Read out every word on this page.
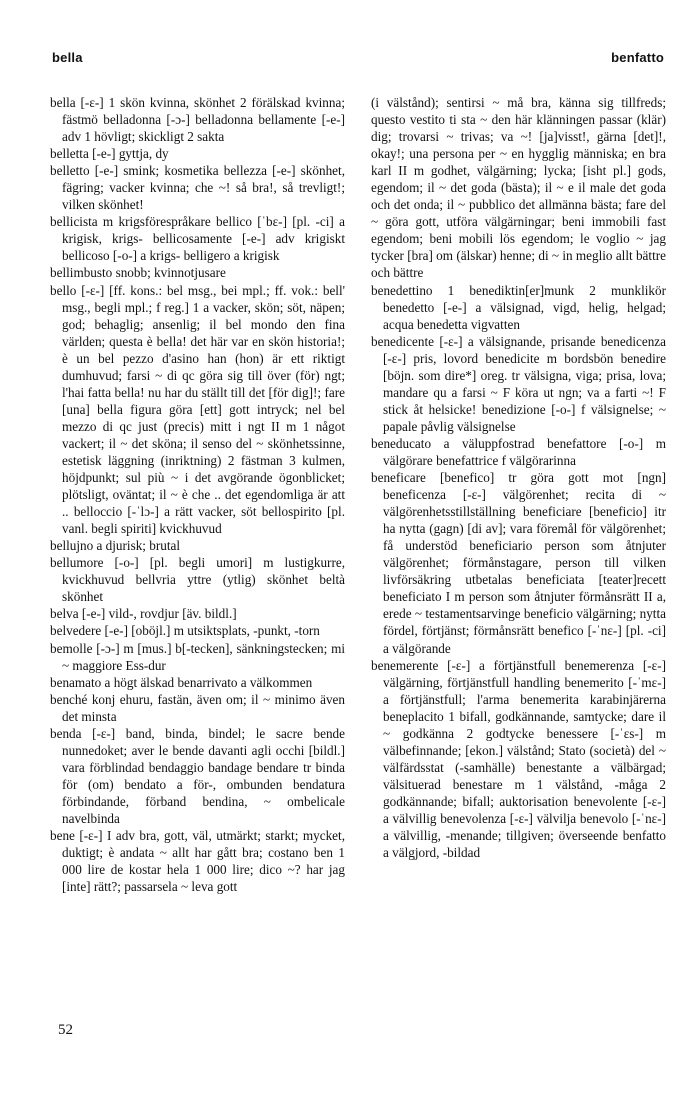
bella	benfatto

bella [-ɛ-] 1 skön kvinna, skönhet 2 förälskad kvinna; fästmö belladonna [-ɔ-] belladonna bellamente [-e-] adv 1 hövligt; skickligt 2 sakta

belletta [-e-] gyttja, dy

belletto [-e-] smink; kosmetika bellezza [-e-] skönhet, fägring; vacker kvinna; che ~! så bra!, så trevligt!; vilken skönhet!

bellicista m krigsförespråkare bellico [ˈbɛ-] [pl. -ci] a krigisk, krigs- bellicosamente [-e-] adv krigiskt bellicoso [-o-] a krigs- belligero a krigisk

bellimbusto snobb; kvinnotjusare

bello [-ɛ-] [ff. kons.: bel msg., bei mpl.; ff. vok.: bell' msg., begli mpl.; f reg.] 1 a vacker, skön; söt, näpen; god; behaglig; ansenlig; il bel mondo den fina världen; questa è bella! det här var en skön historia!; è un bel pezzo d'asino han (hon) är ett riktigt dumhuvud; farsi ~ di qc göra sig till över (för) ngt; l'hai fatta bella! nu har du ställt till det [för dig]!; fare [una] bella figura göra [ett] gott intryck; nel bel mezzo di qc just (precis) mitt i ngt II m 1 något vackert; il ~ det sköna; il senso del ~ skönhetssinne, estetisk läggning (inriktning) 2 fästman 3 kulmen, höjdpunkt; sul più ~ i det avgörande ögonblicket; plötsligt, oväntat; il ~ è che .. det egendomliga är att .. belloccio [-ˈlɔ-] a rätt vacker, söt bellospirito [pl. vanl. begli spiriti] kvickhuvud

bellujno a djurisk; brutal

bellumore [-o-] [pl. begli umori] m lustigkurre, kvickhuvud bellvria yttre (ytlig) skönhet beltà skönhet

belva [-e-] vild-, rovdjur [äv. bildl.]

belvedere [-e-] [oböjl.] m utsiktsplats, -punkt, -torn

bemolle [-ɔ-] m [mus.] b[-tecken], sänkningstecken; mi ~ maggiore Ess-dur

benamato a högt älskad benarrivato a välkommen

benché konj ehuru, fastän, även om; il ~ minimo även det minsta

benda [-ɛ-] band, binda, bindel; le sacre bende nunnedoket; aver le bende davanti agli occhi [bildl.] vara förblindad bendaggio bandage bendare tr binda för (om) bendato a för-, ombunden bendatura förbindande, förband bendina, ~ ombelicale navelbinda

bene [-ɛ-] I adv bra, gott, väl, utmärkt; starkt; mycket, duktigt; è andata ~ allt har gått bra; costano ben 1 000 lire de kostar hela 1 000 lire; dico ~? har jag [inte] rätt?; passarsela ~ leva gott

(i välstånd); sentirsi ~ må bra, känna sig tillfreds; questo vestito ti sta ~ den här klänningen passar (klär) dig; trovarsi ~ trivas; va ~! [ja]visst!, gärna [det]!, okay!; una persona per ~ en hygglig människa; en bra karl II m godhet, välgärning; lycka; [isht pl.] gods, egendom; il ~ det goda (bästa); il ~ e il male det goda och det onda; il ~ pubblico det allmänna bästa; fare del ~ göra gott, utföra välgärningar; beni immobili fast egendom; beni mobili lös egendom; le voglio ~ jag tycker [bra] om (älskar) henne; di ~ in meglio allt bättre och bättre

benedettino 1 benediktin[er]munk 2 munklikör benedetto [-e-] a välsignad, vigd, helig, helgad; acqua benedetta vigvatten

benedicente [-ɛ-] a välsignande, prisande benedicenza [-ɛ-] pris, lovord benedicite m bordsbön benedire [böjn. som dire*] oreg. tr välsigna, viga; prisa, lova; mandare qu a farsi ~ F köra ut ngn; va a farti ~! F stick åt helsicke! benedizione [-o-] f välsignelse; ~ papale påvlig välsignelse

beneducato a väluppfostrad benefattore [-o-] m välgörare benefattrice f välgörarinna

beneficare [benefico] tr göra gott mot [ngn] beneficenza [-ɛ-] välgörenhet; recita di ~ välgörenhetsstillställning beneficiare [beneficio] itr ha nytta (gagn) [di av]; vara föremål för välgörenhet; få understöd beneficiario person som åtnjuter välgörenhet; förmånstagare, person till vilken livförsäkring utbetalas beneficiata [teater]recett beneficiato I m person som åtnjuter förmånsrätt II a, erede ~ testamentsarvinge beneficio välgärning; nytta fördel, förtjänst; förmånsrätt benefico [-ˈnɛ-] [pl. -ci] a välgörande

benemerente [-ɛ-] a förtjänstfull benemerenza [-ɛ-] välgärning, förtjänstfull handling benemerito [-ˈmɛ-] a förtjänstfull; l'arma benemerita karabinjärerna beneplacito 1 bifall, godkännande, samtycke; dare il ~ godkänna 2 godtycke benessere [-ˈɛs-] m välbefinnande; [ekon.] välstånd; Stato (società) del ~ välfärdsstat (-samhälle) benestante a välbärgad; välsituerad benestare m 1 välstånd, -måga 2 godkännande; bifall; auktorisation benevolente [-ɛ-] a välvillig benevolenza [-ɛ-] välvilja benevolo [-ˈnɛ-] a välvillig, -menande; tillgiven; överseende benfatto a välgjord, -bildad

52
